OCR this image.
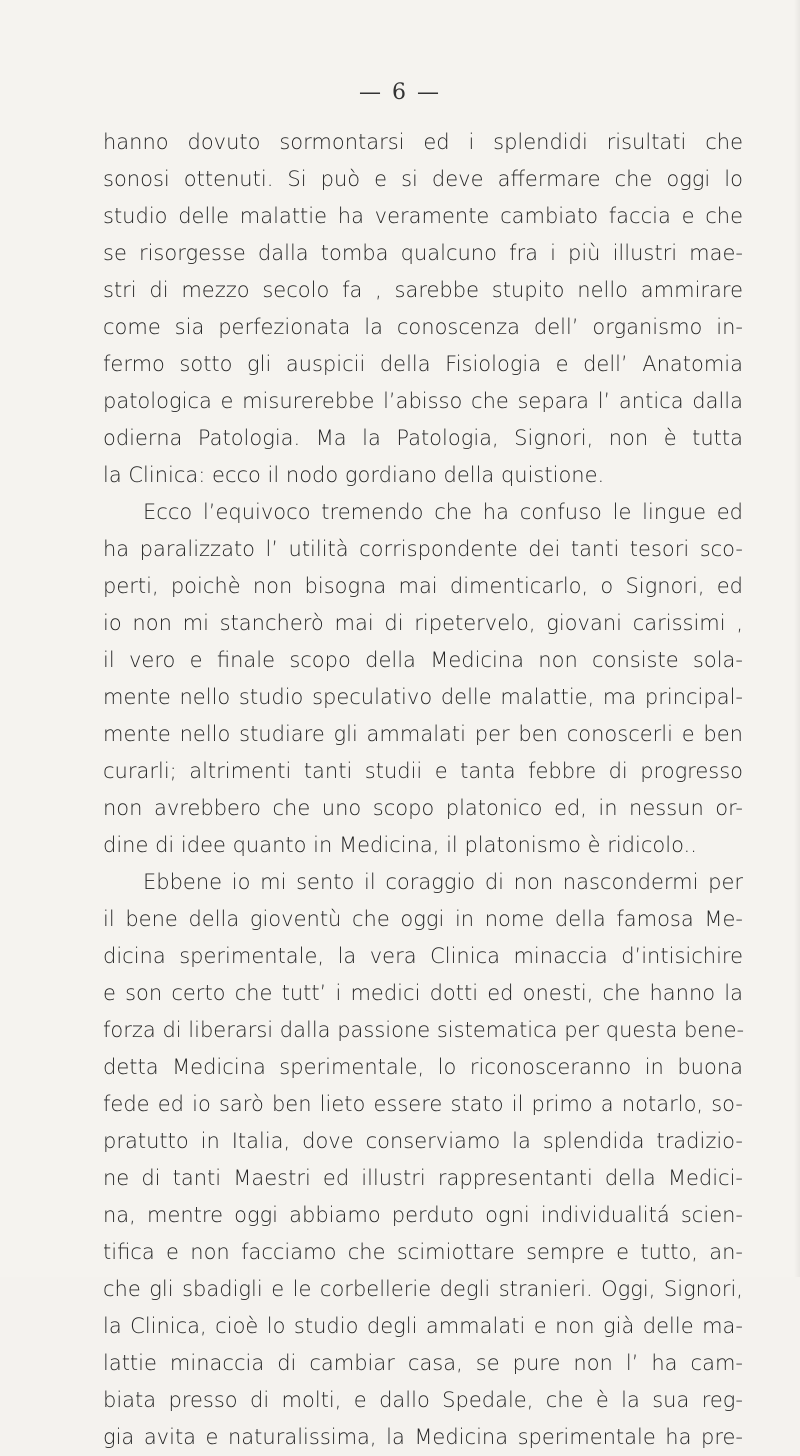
— 6 —
hanno dovuto sormontarsi ed i splendidi risultati che
sonosi ottenuti. Si può e si deve affermare che oggi lo
studio delle malattie ha veramente cambiato faccia e che
se risorgesse dalla tomba qualcuno fra i più illustri mae-
stri di mezzo secolo fa , sarebbe stupito nello ammirare
come sia perfezionata la conoscenza dell’ organismo in-
fermo sotto gli auspicii della Fisiologia e dell’ Anatomia
patologica e misurerebbe l’abisso che separa l’ antica dalla
odierna Patologia. Ma la Patologia, Signori, non è tutta
la Clinica: ecco il nodo gordiano della quistione.
Ecco l’equivoco tremendo che ha confuso le lingue ed
ha paralizzato l’ utilità corrispondente dei tanti tesori sco-
perti, poichè non bisogna mai dimenticarlo, o Signori, ed
io non mi stancherò mai di ripetervelo, giovani carissimi ,
il vero e finale scopo della Medicina non consiste sola-
mente nello studio speculativo delle malattie, ma principal-
mente nello studiare gli ammalati per ben conoscerli e ben
curarli; altrimenti tanti studii e tanta febbre di progresso
non avrebbero che uno scopo platonico ed, in nessun or-
dine di idee quanto in Medicina, il platonismo è ridicolo..
Ebbene io mi sento il coraggio di non nascondermi per
il bene della gioventù che oggi in nome della famosa Me-
dicina sperimentale, la vera Clinica minaccia d’intisichire
e son certo che tutt’ i medici dotti ed onesti, che hanno la
forza di liberarsi dalla passione sistematica per questa bene-
detta Medicina sperimentale, lo riconosceranno in buona
fede ed io sarò ben lieto essere stato il primo a notarlo, so-
pratutto in Italia, dove conserviamo la splendida tradizio-
ne di tanti Maestri ed illustri rappresentanti della Medici-
na, mentre oggi abbiamo perduto ogni individualitá scien-
tifica e non facciamo che scimiottare sempre e tutto, an-
che gli sbadigli e le corbellerie degli stranieri. Oggi, Signori,
la Clinica, cioè lo studio degli ammalati e non già delle ma-
lattie minaccia di cambiar casa, se pure non l’ ha cam-
biata presso di molti, e dallo Spedale, che è la sua reg-
gia avita e naturalissima, la Medicina sperimentale ha pre-
